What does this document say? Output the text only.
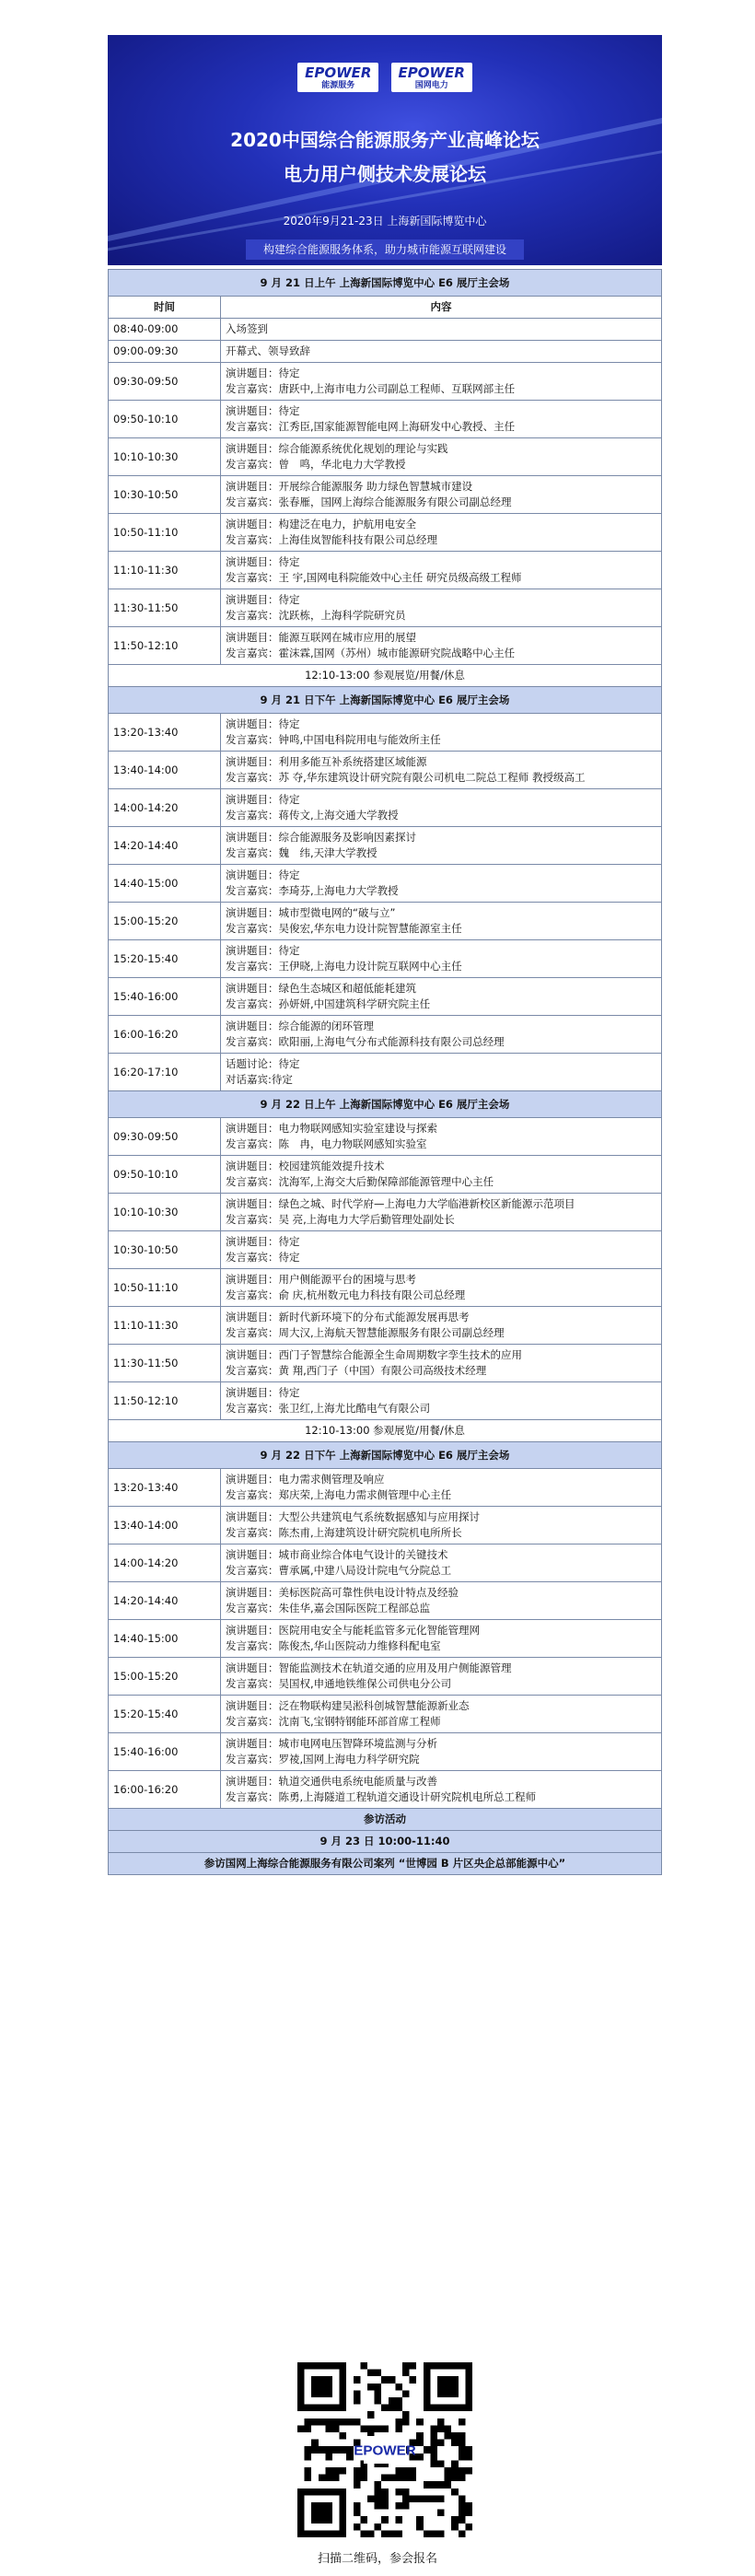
EPOWER
能源服务
EPOWER
国网电力
2020中国综合能源服务产业高峰论坛
电力用户侧技术发展论坛
2020年9月21-23日 上海新国际博览中心
构建综合能源服务体系，助力城市能源互联网建设
9 月 21 日上午 上海新国际博览中心 E6 展厅主会场	
时间	内容
08:40-09:00	入场签到

09:00-09:30	开幕式、领导致辞

09:30-09:50	演讲题目：待定
发言嘉宾：唐跃中,上海市电力公司副总工程师、互联网部主任

09:50-10:10	演讲题目：待定
发言嘉宾：江秀臣,国家能源智能电网上海研发中心教授、主任

10:10-10:30	演讲题目：综合能源系统优化规划的理论与实践
发言嘉宾：曾　鸣，华北电力大学教授

10:30-10:50	演讲题目：开展综合能源服务 助力绿色智慧城市建设
发言嘉宾：张春雁，国网上海综合能源服务有限公司副总经理

10:50-11:10	演讲题目：构建泛在电力，护航用电安全
发言嘉宾：上海佳岚智能科技有限公司总经理

11:10-11:30	演讲题目：待定
发言嘉宾：王 宇,国网电科院能效中心主任 研究员级高级工程师

11:30-11:50	演讲题目：待定
发言嘉宾：沈跃栋，上海科学院研究员

11:50-12:10	演讲题目：能源互联网在城市应用的展望
发言嘉宾：霍沫霖,国网（苏州）城市能源研究院战略中心主任

12:10-13:00 参观展览/用餐/休息	
9 月 21 日下午 上海新国际博览中心 E6 展厅主会场	
13:20-13:40	演讲题目：待定
发言嘉宾：钟鸣,中国电科院用电与能效所主任

13:40-14:00	演讲题目：利用多能互补系统搭建区域能源
发言嘉宾：苏 夺,华东建筑设计研究院有限公司机电二院总工程师 教授级高工

14:00-14:20	演讲题目：待定
发言嘉宾：蒋传文,上海交通大学教授

14:20-14:40	演讲题目：综合能源服务及影响因素探讨
发言嘉宾：魏　纬,天津大学教授

14:40-15:00	演讲题目：待定
发言嘉宾：李琦芬,上海电力大学教授

15:00-15:20	演讲题目：城市型微电网的“破与立”
发言嘉宾：吴俊宏,华东电力设计院智慧能源室主任

15:20-15:40	演讲题目：待定
发言嘉宾：王伊晓,上海电力设计院互联网中心主任

15:40-16:00	演讲题目：绿色生态城区和超低能耗建筑
发言嘉宾：孙妍妍,中国建筑科学研究院主任

16:00-16:20	演讲题目：综合能源的闭环管理
发言嘉宾：欧阳丽,上海电气分布式能源科技有限公司总经理

16:20-17:10	话题讨论：待定
对话嘉宾:待定

9 月 22 日上午 上海新国际博览中心 E6 展厅主会场	
09:30-09:50	演讲题目：电力物联网感知实验室建设与探索
发言嘉宾：陈　冉，电力物联网感知实验室

09:50-10:10	演讲题目：校园建筑能效提升技术
发言嘉宾：沈海军,上海交大后勤保障部能源管理中心主任

10:10-10:30	演讲题目：绿色之城、时代学府—上海电力大学临港新校区新能源示范项目
发言嘉宾：吴 亮,上海电力大学后勤管理处副处长

10:30-10:50	演讲题目：待定
发言嘉宾：待定

10:50-11:10	演讲题目：用户侧能源平台的困境与思考
发言嘉宾：俞 庆,杭州数元电力科技有限公司总经理

11:10-11:30	演讲题目：新时代新环境下的分布式能源发展再思考
发言嘉宾：周大汉,上海航天智慧能源服务有限公司副总经理

11:30-11:50	演讲题目：西门子智慧综合能源全生命周期数字孪生技术的应用
发言嘉宾：黄 翔,西门子（中国）有限公司高级技术经理

11:50-12:10	演讲题目：待定
发言嘉宾：张卫红,上海尤比酷电气有限公司

12:10-13:00 参观展览/用餐/休息	
9 月 22 日下午 上海新国际博览中心 E6 展厅主会场	
13:20-13:40	演讲题目：电力需求侧管理及响应
发言嘉宾：郑庆荣,上海电力需求侧管理中心主任

13:40-14:00	演讲题目：大型公共建筑电气系统数据感知与应用探讨
发言嘉宾：陈杰甫,上海建筑设计研究院机电所所长

14:00-14:20	演讲题目：城市商业综合体电气设计的关键技术
发言嘉宾：曹承属,中建八局设计院电气分院总工

14:20-14:40	演讲题目：美标医院高可靠性供电设计特点及经验
发言嘉宾：朱佳华,嘉会国际医院工程部总监

14:40-15:00	演讲题目：医院用电安全与能耗监管多元化智能管理网
发言嘉宾：陈俊杰,华山医院动力维修科配电室

15:00-15:20	演讲题目：智能监测技术在轨道交通的应用及用户侧能源管理
发言嘉宾：吴国权,申通地铁维保公司供电分公司

15:20-15:40	演讲题目：泛在物联构建吴淞科创城智慧能源新业态
发言嘉宾：沈南飞,宝钢特钢能环部首席工程师

15:40-16:00	演讲题目：城市电网电压智降环境监测与分析
发言嘉宾：罗祾,国网上海电力科学研究院

16:00-16:20	演讲题目：轨道交通供电系统电能质量与改善
发言嘉宾：陈勇,上海隧道工程轨道交通设计研究院机电所总工程师

参访活动	
9 月 23 日 10:00-11:40	
参访国网上海综合能源服务有限公司案列 “世博园 B 片区央企总部能源中心”	
EPOWER
扫描二维码，参会报名
